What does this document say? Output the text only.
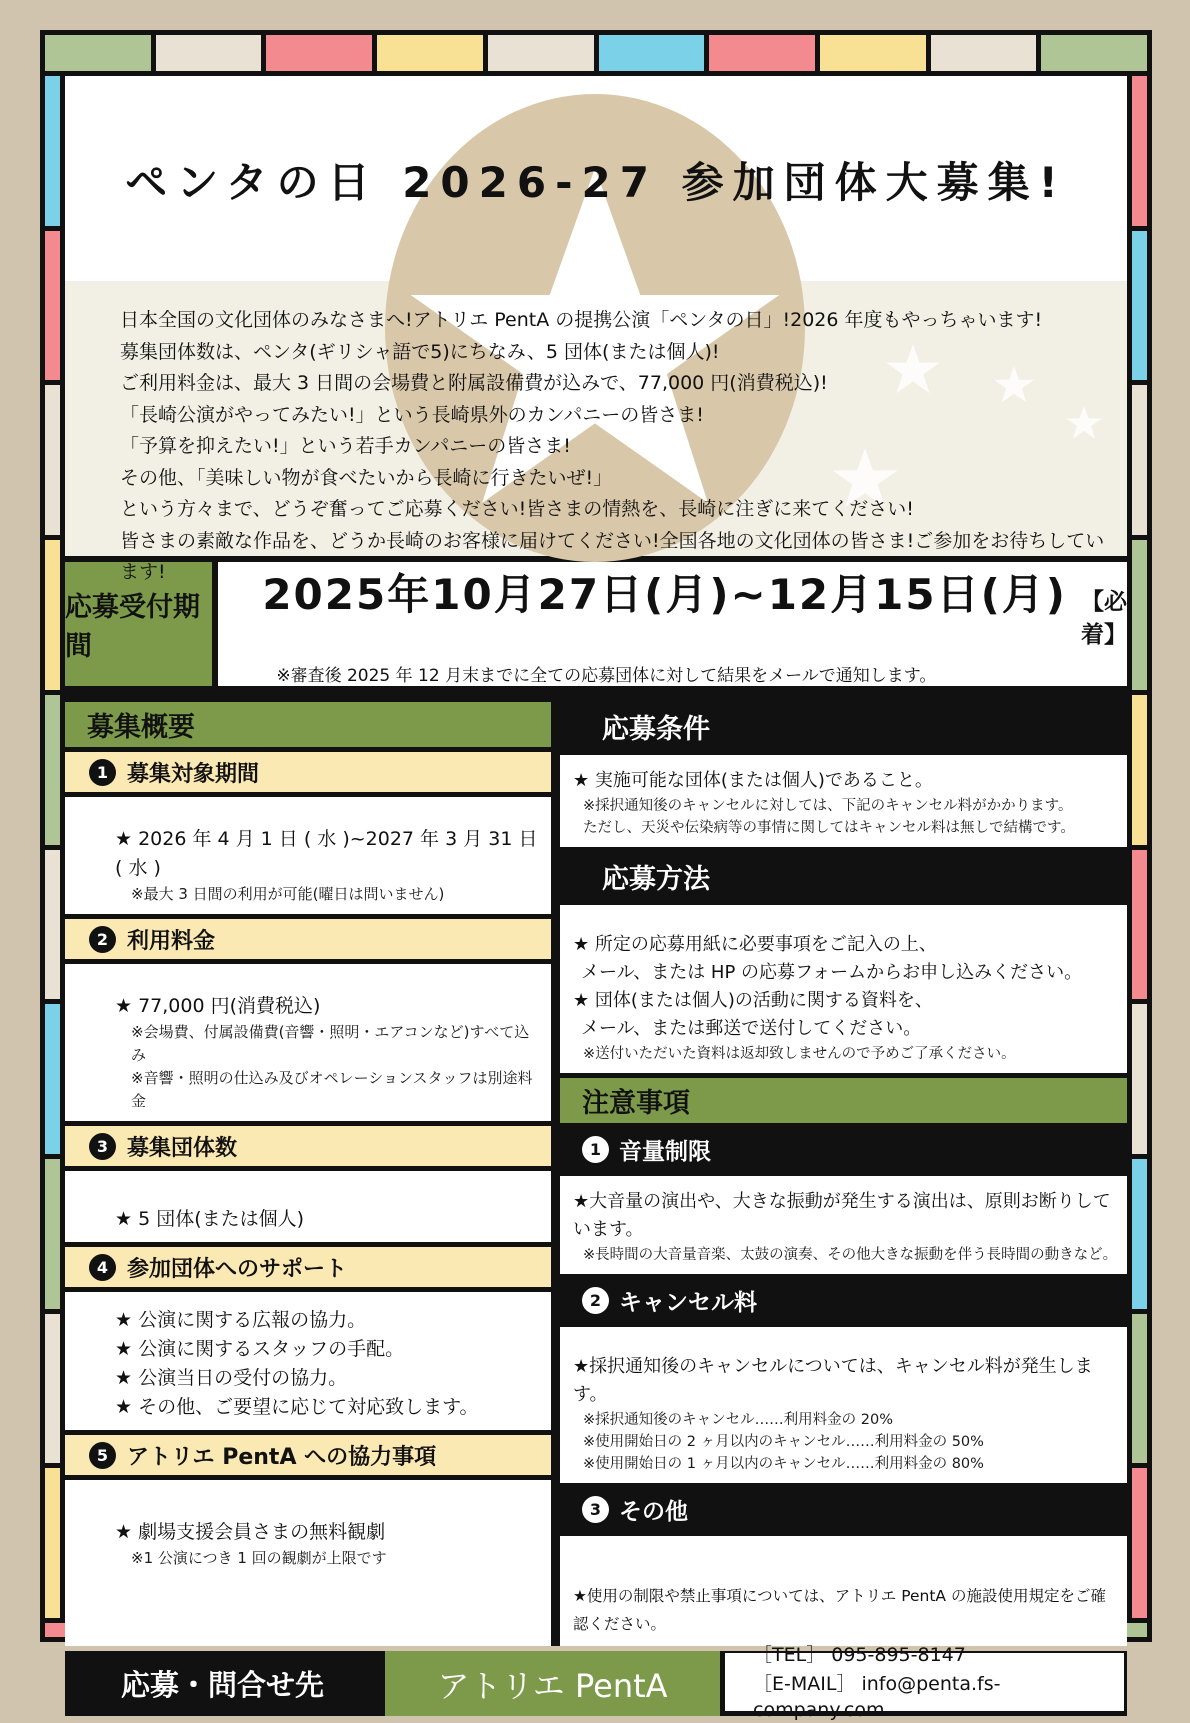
ペンタの日 2026-27 参加団体大募集!
日本全国の文化団体のみなさまへ!アトリエ PentA の提携公演「ペンタの日」!2026 年度もやっちゃいます!
募集団体数は、ペンタ(ギリシャ語で5)にちなみ、5 団体(または個人)!
ご利用料金は、最大 3 日間の会場費と附属設備費が込みで、77,000 円(消費税込)!
「長崎公演がやってみたい!」という長崎県外のカンパニーの皆さま!
「予算を抑えたい!」という若手カンパニーの皆さま!
その他、「美味しい物が食べたいから長崎に行きたいぜ!」
という方々まで、どうぞ奮ってご応募ください!皆さまの情熱を、長崎に注ぎに来てください!
皆さまの素敵な作品を、どうか長崎のお客様に届けてください!全国各地の文化団体の皆さま!ご参加をお待ちしています!
応募受付期間
2025年10月27日(月)~12月15日(月) 【必着】
※審査後 2025 年 12 月末までに全ての応募団体に対して結果をメールで通知します。
募集概要
1 募集対象期間
★ 2026 年 4 月 1 日 ( 水 )~2027 年 3 月 31 日 ( 水 )
※最大 3 日間の利用が可能(曜日は問いません)
2 利用料金
★ 77,000 円(消費税込)
※会場費、付属設備費(音響・照明・エアコンなど)すべて込み
※音響・照明の仕込み及びオペレーションスタッフは別途料金
3 募集団体数
★ 5 団体(または個人)
4 参加団体へのサポート
★ 公演に関する広報の協力。
★ 公演に関するスタッフの手配。
★ 公演当日の受付の協力。
★ その他、ご要望に応じて対応致します。
5 アトリエ PentA への協力事項
★ 劇場支援会員さまの無料観劇
※1 公演につき 1 回の観劇が上限です
応募条件
★ 実施可能な団体(または個人)であること。
※採択通知後のキャンセルに対しては、下記のキャンセル料がかかります。
ただし、天災や伝染病等の事情に関してはキャンセル料は無しで結構です。
応募方法
★ 所定の応募用紙に必要事項をご記入の上、
メール、または HP の応募フォームからお申し込みください。
★ 団体(または個人)の活動に関する資料を、
メール、または郵送で送付してください。
※送付いただいた資料は返却致しませんので予めご了承ください。
注意事項
1 音量制限
★大音量の演出や、大きな振動が発生する演出は、原則お断りしています。
※長時間の大音量音楽、太鼓の演奏、その他大きな振動を伴う長時間の動きなど。
2 キャンセル料
★採択通知後のキャンセルについては、キャンセル料が発生します。
※採択通知後のキャンセル……利用料金の 20%
※使用開始日の 2 ヶ月以内のキャンセル……利用料金の 50%
※使用開始日の 1 ヶ月以内のキャンセル……利用料金の 80%
3 その他
★使用の制限や禁止事項については、アトリエ PentA の施設使用規定をご確認ください。
応募・問合せ先	アトリエ PentA
［TEL］ 095-895-8147
［E-MAIL］ info@penta.fs-company.com
